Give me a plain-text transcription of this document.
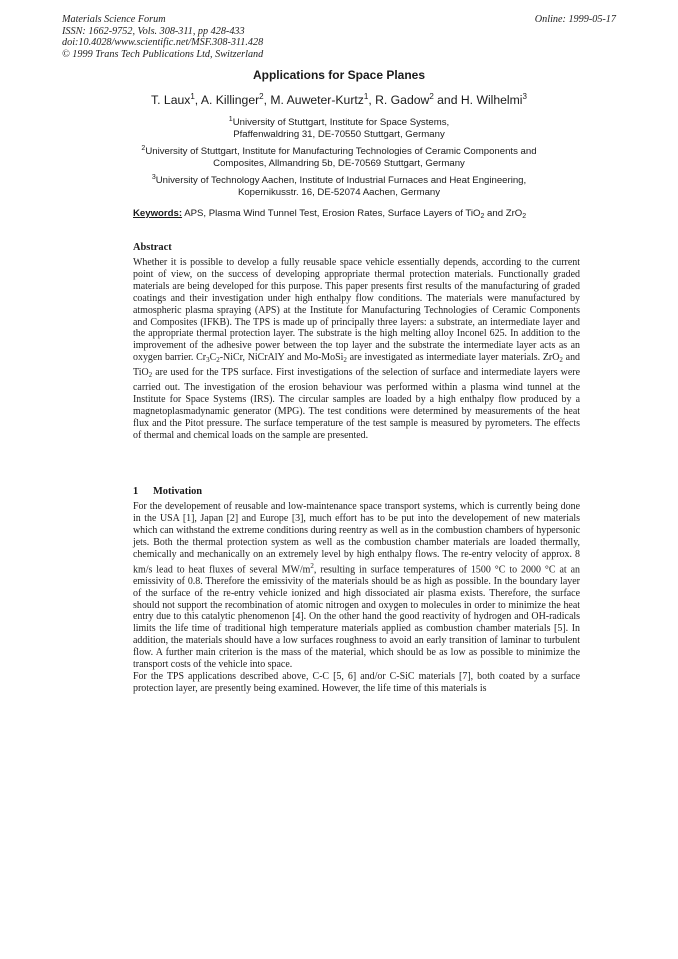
Materials Science Forum
ISSN: 1662-9752, Vols. 308-311, pp 428-433
doi:10.4028/www.scientific.net/MSF.308-311.428
© 1999 Trans Tech Publications Ltd, Switzerland
Online: 1999-05-17
Applications for Space Planes
T. Laux$^1$, A. Killinger$^2$, M. Auweter-Kurtz$^1$, R. Gadow$^2$ and H. Wilhelmi$^3$
$^1$University of Stuttgart, Institute for Space Systems,
Pfaffenwaldring 31, DE-70550 Stuttgart, Germany
$^2$University of Stuttgart, Institute for Manufacturing Technologies of Ceramic Components and
Composites, Allmandring 5b, DE-70569 Stuttgart, Germany
$^3$University of Technology Aachen, Institute of Industrial Furnaces and Heat Engineering,
Kopernikusstr. 16, DE-52074 Aachen, Germany
Keywords: APS, Plasma Wind Tunnel Test, Erosion Rates, Surface Layers of TiO$_2$ and ZrO$_2$
Abstract

Whether it is possible to develop a fully reusable space vehicle essentially depends, according to the current point of view, on the success of developing appropriate thermal protection materials. Functionally graded materials are being developed for this purpose. This paper presents first results of the manufacturing of graded coatings and their investigation under high enthalpy flow conditions. The materials were manufactured by atmospheric plasma spraying (APS) at the Institute for Manufacturing Technologies of Ceramic Components and Composites (IFKB). The TPS is made up of principally three layers: a substrate, an intermediate layer and the appropriate thermal protection layer. The substrate is the high melting alloy Inconel 625. In addition to the improvement of the adhesive power between the top layer and the substrate the intermediate layer acts as an oxygen barrier. $Cr_3C_2$-NiCr, NiCrAlY and Mo-MoSi$_2$ are investigated as intermediate layer materials. ZrO$_2$ and TiO$_2$ are used for the TPS surface. First investigations of the selection of surface and intermediate layers were carried out. The investigation of the erosion behaviour was performed within a plasma wind tunnel at the Institute for Space Systems (IRS). The circular samples are loaded by a high enthalpy flow produced by a magnetoplasmadynamic generator (MPG). The test conditions were determined by measurements of the heat flux and the Pitot pressure. The surface temperature of the test sample is measured by pyrometers. The effects of thermal and chemical loads on the sample are presented.

1 Motivation

For the developement of reusable and low-maintenance space transport systems, which is currently being done in the USA [1], Japan [2] and Europe [3], much effort has to be put into the developement of new materials which can withstand the extreme conditions during reentry as well as in the combustion chambers of hypersonic jets. Both the thermal protection system as well as the combustion chamber materials are loaded thermally, chemically and mechanically on an extremely level by high enthalpy flows. The re-entry velocity of approx. 8 km/s lead to heat fluxes of several $MW/m^2$, resulting in surface temperatures of 1500 °C to 2000 °C at an emissivity of 0.8. Therefore the emissivity of the materials should be as high as possible. In the boundary layer of the surface of the re-entry vehicle ionized and high dissociated air plasma exists. Therefore, the surface should not support the recombination of atomic nitrogen and oxygen to molecules in order to minimize the heat entry due to this catalytic phenomenon [4]. On the other hand the good reactivity of hydrogen and OH-radicals limits the life time of traditional high temperature materials applied as combustion chamber materials [5]. In addition, the materials should have a low surfaces roughness to avoid an early transition of laminar to turbulent flow. A further main criterion is the mass of the material, which should be as low as possible to minimize the transport costs of the vehicle into space.

For the TPS applications described above, C-C [5, 6] and/or C-SiC materials [7], both coated by a surface protection layer, are presently being examined. However, the life time of this materials is
